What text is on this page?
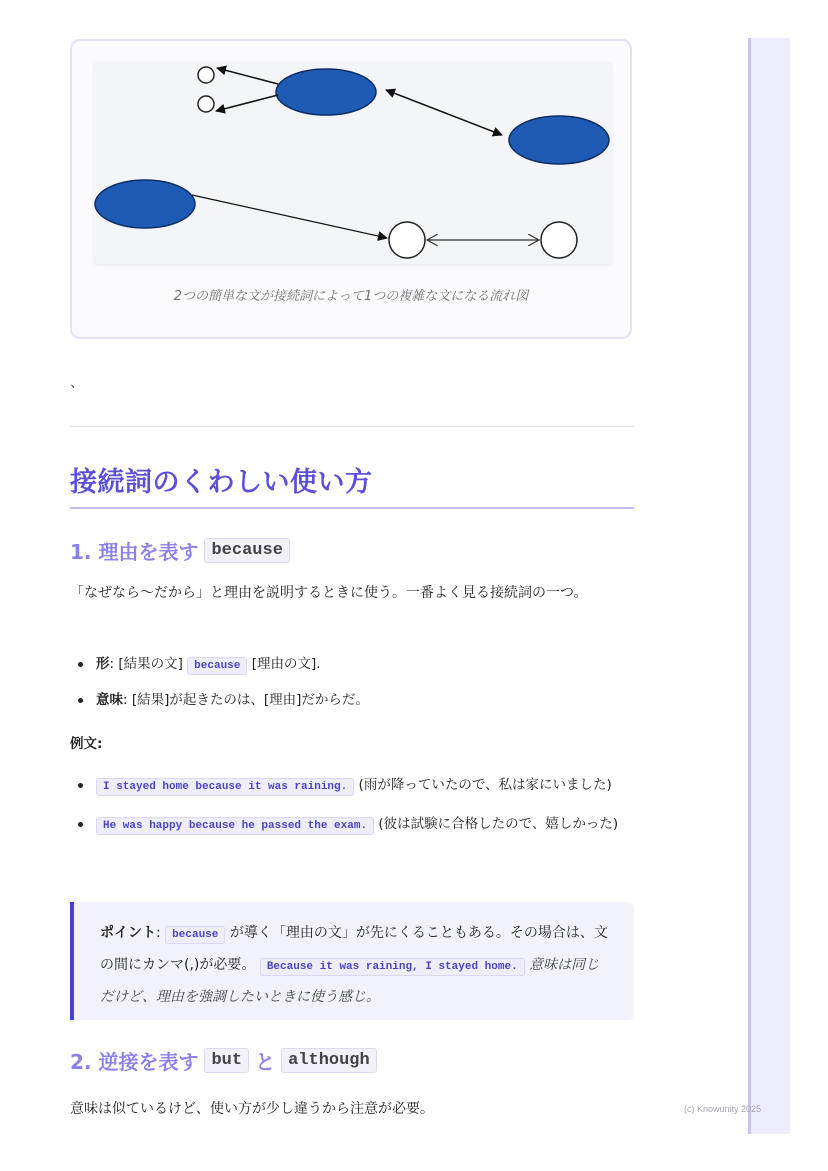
(c) Knowunity 2025
2つの簡単な文が接続詞によって1つの複雑な文になる流れ図
、
接続詞のくわしい使い方
1. 理由を表す because
「なぜなら〜だから」と理由を説明するときに使う。一番よく見る接続詞の一つ。
形: [結果の文] because [理由の文].
意味: [結果]が起きたのは、[理由]だからだ。
例文:
I stayed home because it was raining. (雨が降っていたので、私は家にいました)
He was happy because he passed the exam. (彼は試験に合格したので、嬉しかった)
ポイント: because が導く「理由の文」が先にくることもある。その場合は、文の間にカンマ(,)が必要。 Because it was raining, I stayed home. 意味は同じだけど、理由を強調したいときに使う感じ。
2. 逆接を表す but と although
意味は似ているけど、使い方が少し違うから注意が必要。
